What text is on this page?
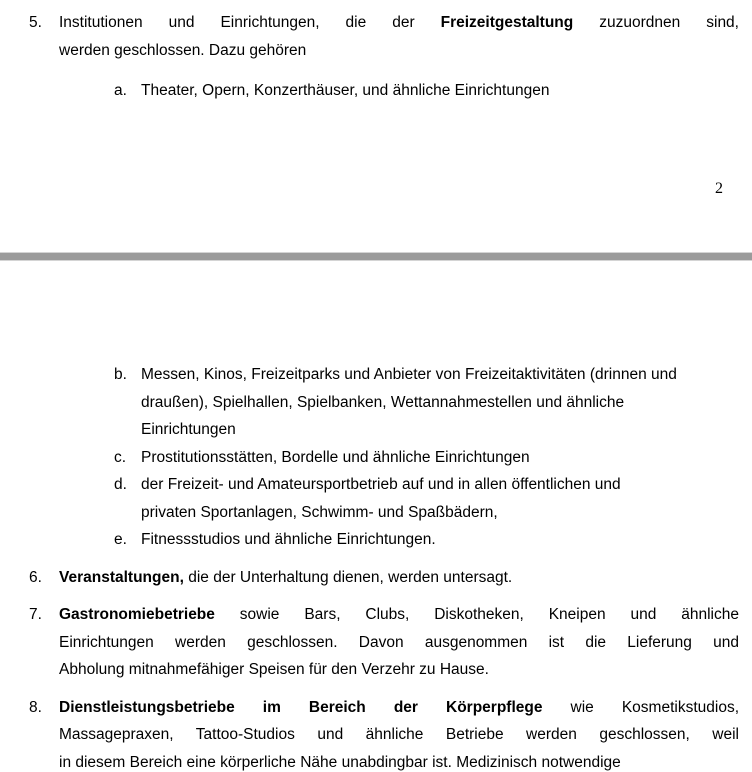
5. Institutionen und Einrichtungen, die der Freizeitgestaltung zuzuordnen sind,
werden geschlossen. Dazu gehören
a. Theater, Opern, Konzerthäuser, und ähnliche Einrichtungen
2
b. Messen, Kinos, Freizeitparks und Anbieter von Freizeitaktivitäten (drinnen und
draußen), Spielhallen, Spielbanken, Wettannahmestellen und ähnliche
Einrichtungen
c. Prostitutionsstätten, Bordelle und ähnliche Einrichtungen
d. der Freizeit- und Amateursportbetrieb auf und in allen öffentlichen und
privaten Sportanlagen, Schwimm- und Spaßbädern,
e. Fitnessstudios und ähnliche Einrichtungen.
6. Veranstaltungen, die der Unterhaltung dienen, werden untersagt.
7. Gastronomiebetriebe sowie Bars, Clubs, Diskotheken, Kneipen und ähnliche
Einrichtungen werden geschlossen. Davon ausgenommen ist die Lieferung und
Abholung mitnahmefähiger Speisen für den Verzehr zu Hause.
8. Dienstleistungsbetriebe im Bereich der Körperpflege wie Kosmetikstudios,
Massagepraxen, Tattoo-Studios und ähnliche Betriebe werden geschlossen, weil
in diesem Bereich eine körperliche Nähe unabdingbar ist. Medizinisch notwendige
